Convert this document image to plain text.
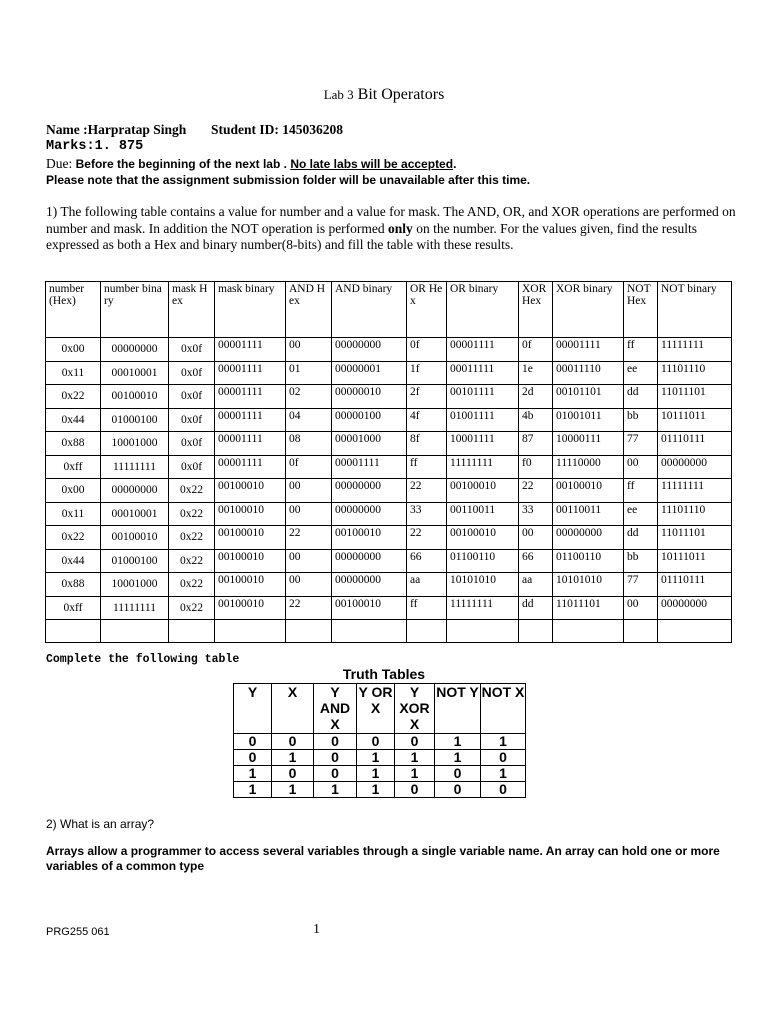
Lab 3 Bit Operators
Name :Harpratap Singh Student ID: 145036208
Marks:1. 875
Due: Before the beginning of the next lab . No late labs will be accepted.
Please note that the assignment submission folder will be unavailable after this time.
1) The following table contains a value for number and a value for mask. The AND, OR, and XOR operations are performed on number and mask. In addition the NOT operation is performed only on the number. For the values given, find the results expressed as both a Hex and binary number(8-bits) and fill the table with these results.
number (Hex)	number binary	mask Hex	mask binary	AND Hex	AND binary	OR Hex	OR binary	XOR Hex	XOR binary	NOT Hex	NOT binary
0x00	00000000	0x0f	00001111	00	00000000	0f	00001111	0f	00001111	ff	11111111
0x11	00010001	0x0f	00001111	01	00000001	1f	00011111	1e	00011110	ee	11101110
0x22	00100010	0x0f	00001111	02	00000010	2f	00101111	2d	00101101	dd	11011101
0x44	01000100	0x0f	00001111	04	00000100	4f	01001111	4b	01001011	bb	10111011
0x88	10001000	0x0f	00001111	08	00001000	8f	10001111	87	10000111	77	01110111
0xff	11111111	0x0f	00001111	0f	00001111	ff	11111111	f0	11110000	00	00000000
0x00	00000000	0x22	00100010	00	00000000	22	00100010	22	00100010	ff	11111111
0x11	00010001	0x22	00100010	00	00000000	33	00110011	33	00110011	ee	11101110
0x22	00100010	0x22	00100010	22	00100010	22	00100010	00	00000000	dd	11011101
0x44	01000100	0x22	00100010	00	00000000	66	01100110	66	01100110	bb	10111011
0x88	10001000	0x22	00100010	00	00000000	aa	10101010	aa	10101010	77	01110111
0xff	11111111	0x22	00100010	22	00100010	ff	11111111	dd	11011101	00	00000000

Complete the following table
Truth Tables
Y	X	Y AND X	Y OR X	Y XOR X	NOT Y	NOT X
0	0	0	0	0	1	1
0	1	0	1	1	1	0
1	0	0	1	1	0	1
1	1	1	1	0	0	0
2) What is an array?
Arrays allow a programmer to access several variables through a single variable name. An array can hold one or more variables of a common type
PRG255 061	1
